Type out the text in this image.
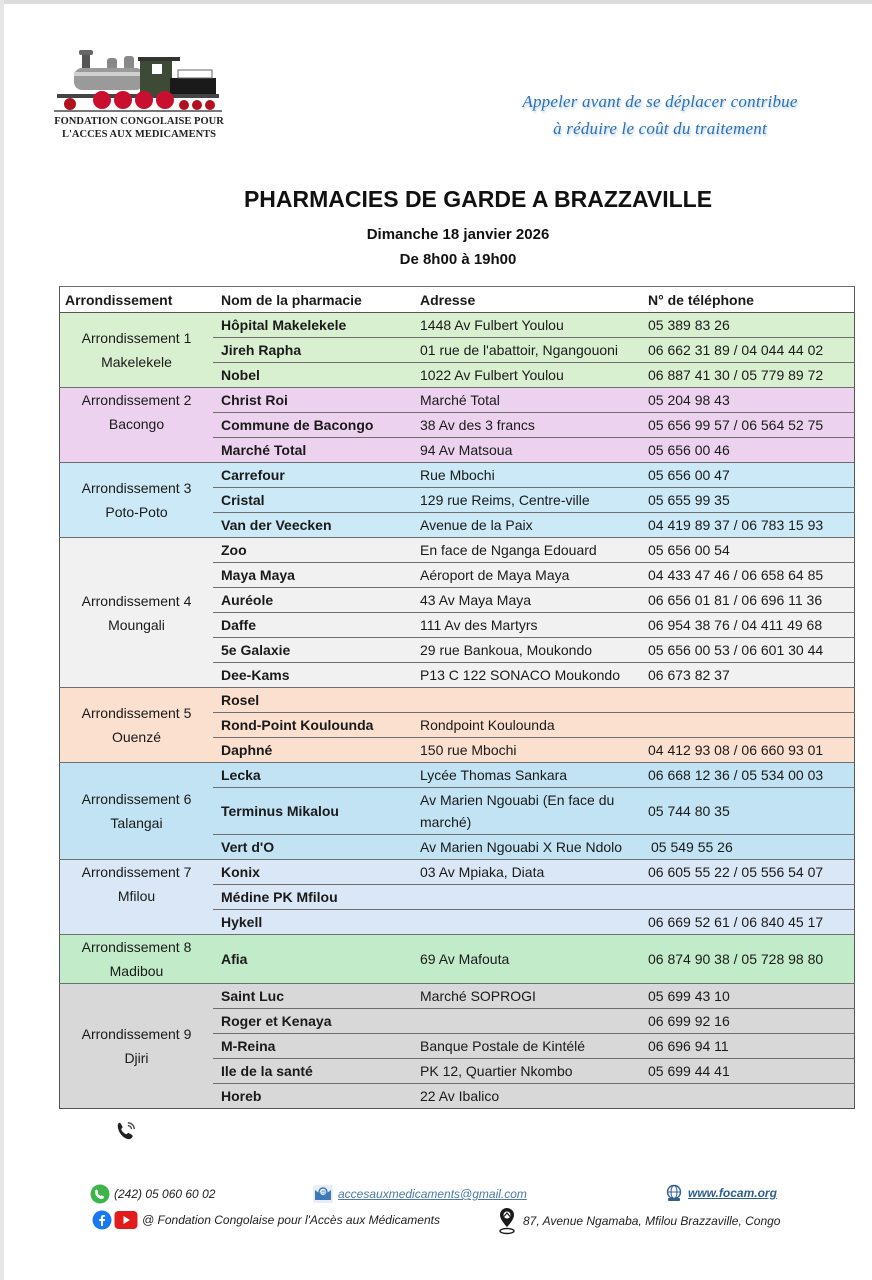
FONDATION CONGOLAISE POUR
L'ACCES AUX MEDICAMENTS
Appeler avant de se déplacer contribue
à réduire le coût du traitement
PHARMACIES DE GARDE A BRAZZAVILLE
Dimanche 18 janvier 2026
De 8h00 à 19h00
Arrondissement	Nom de la pharmacie	Adresse	N° de téléphone

Arrondissement 1
Makelekele	Hôpital Makelekele	1448 Av Fulbert Youlou	05 389 83 26
	Jireh Rapha	01 rue de l'abattoir, Ngangouoni	06 662 31 89 / 04 044 44 02
	Nobel	1022 Av Fulbert Youlou	06 887 41 30 / 05 779 89 72

Arrondissement 2
Bacongo	Christ Roi	Marché Total	05 204 98 43
	Commune de Bacongo	38 Av des 3 francs	05 656 99 57 / 06 564 52 75
	Marché Total	94 Av Matsoua	05 656 00 46

Arrondissement 3
Poto-Poto	Carrefour	Rue Mbochi	05 656 00 47
	Cristal	129 rue Reims, Centre-ville	05 655 99 35
	Van der Veecken	Avenue de la Paix	04 419 89 37 / 06 783 15 93

Arrondissement 4
Moungali	Zoo	En face de Nganga Edouard	05 656 00 54
	Maya Maya	Aéroport de Maya Maya	04 433 47 46 / 06 658 64 85
	Auréole	43 Av Maya Maya	06 656 01 81 / 06 696 11 36
	Daffe	111 Av des Martyrs	06 954 38 76 / 04 411 49 68
	5e Galaxie	29 rue Bankoua, Moukondo	05 656 00 53 / 06 601 30 44
	Dee-Kams	P13 C 122 SONACO Moukondo	06 673 82 37

Arrondissement 5
Ouenzé	Rosel		
	Rond-Point Koulounda	Rondpoint Koulounda	
	Daphné	150 rue Mbochi	04 412 93 08 / 06 660 93 01

Arrondissement 6
Talangai	Lecka	Lycée Thomas Sankara	06 668 12 36 / 05 534 00 03
	Terminus Mikalou	Av Marien Ngouabi (En face du marché)	05 744 80 35
	Vert d'O	Av Marien Ngouabi X Rue Ndolo	05 549 55 26

Arrondissement 7
Mfilou	Konix	03 Av Mpiaka, Diata	06 605 55 22 / 05 556 54 07
	Médine PK Mfilou		
	Hykell		06 669 52 61 / 06 840 45 17

Arrondissement 8
Madibou	Afia	69 Av Mafouta	06 874 90 38 / 05 728 98 80

Arrondissement 9
Djiri	Saint Luc	Marché SOPROGI	05 699 43 10
	Roger et Kenaya		06 699 92 16
	M-Reina	Banque Postale de Kintélé	06 696 94 11
	Ile de la santé	PK 12, Quartier Nkombo	05 699 44 41
	Horeb	22 Av Ibalico	
(242) 05 060 60 02	@ accesauxmedicaments@gmail.com	www.focam.org
@ Fondation Congolaise pour l'Accès aux Médicaments	87, Avenue Ngamaba, Mfilou Brazzaville, Congo
